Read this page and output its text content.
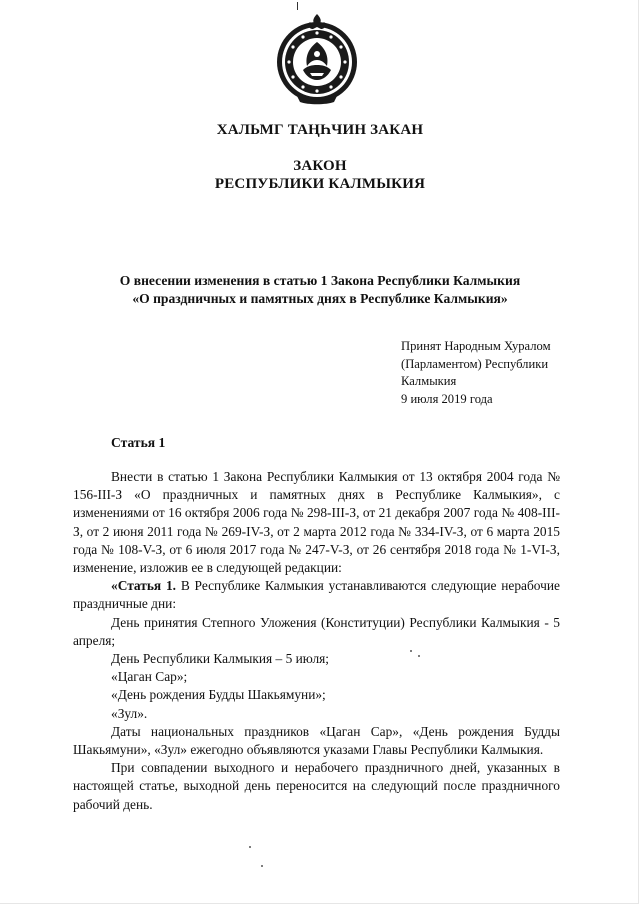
ХАЛЬМГ ТАҢҺЧИН ЗАКАН
ЗАКОН
РЕСПУБЛИКИ КАЛМЫКИЯ
О внесении изменения в статью 1 Закона Республики Калмыкия
«О праздничных и памятных днях в Республике Калмыкия»
Принят Народным Хуралом
(Парламентом) Республики
Калмыкия
9 июля 2019 года
Статья 1

Внести в статью 1 Закона Республики Калмыкия от 13 октября 2004 года № 156-III-З «О праздничных и памятных днях в Республике Калмыкия», с изменениями от 16 октября 2006 года № 298-III-З, от 21 декабря 2007 года № 408-III-З, от 2 июня 2011 года № 269-IV-З, от 2 марта 2012 года № 334-IV-З, от 6 марта 2015 года № 108-V-З, от 6 июля 2017 года № 247-V-З, от 26 сентября 2018 года № 1-VI-З, изменение, изложив ее в следующей редакции:

«Статья 1. В Республике Калмыкия устанавливаются следующие нерабочие праздничные дни:

День принятия Степного Уложения (Конституции) Республики Калмыкия - 5 апреля;

День Республики Калмыкия – 5 июля;

«Цаган Сар»;

«День рождения Будды Шакьямуни»;

«Зул».

Даты национальных праздников «Цаган Сар», «День рождения Будды Шакьямуни», «Зул» ежегодно объявляются указами Главы Республики Калмыкия.

При совпадении выходного и нерабочего праздничного дней, указанных в настоящей статье, выходной день переносится на следующий после праздничного рабочий день.
